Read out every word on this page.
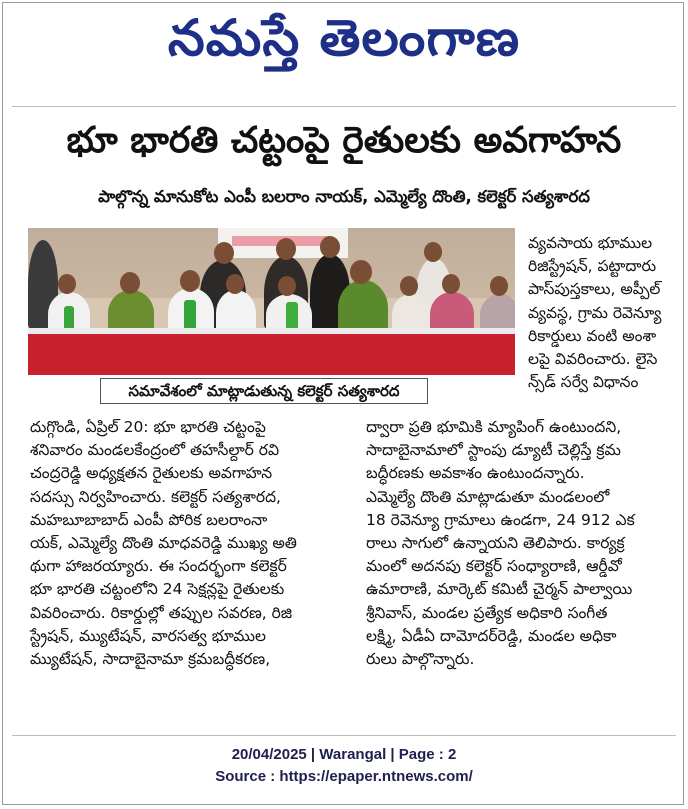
నమస్తే తెలంగాణ
భూ భారతి చట్టంపై రైతులకు అవగాహన
పాల్గొన్న మానుకోట ఎంపీ బలరాం నాయక్, ఎమ్మెల్యే దొంతి, కలెక్టర్ సత్యశారద
సమావేశంలో మాట్లాడుతున్న కలెక్టర్ సత్యశారద

వ్యవసాయ భూముల

రిజిస్ట్రేషన్, పట్టాదారు

పాస్‌పుస్తకాలు, అప్పీల్

వ్యవస్థ, గ్రామ రెవెన్యూ

రికార్డులు వంటి అంశా

లపై వివరించారు. లైసె

న్స్‌డ్ సర్వే విధానం

దుగ్గొండి, ఏప్రిల్ 20: భూ భారతి చట్టంపై

శనివారం మండలకేంద్రంలో తహసీల్దార్ రవి

చంద్రరెడ్డి అధ్యక్షతన రైతులకు అవగాహన

సదస్సు నిర్వహించారు. కలెక్టర్ సత్యశారద,

మహబూబాబాద్ ఎంపీ పోరిక బలరాంనా

యక్, ఎమ్మెల్యే దొంతి మాధవరెడ్డి ముఖ్య అతి

థుగా హాజరయ్యారు. ఈ సందర్భంగా కలెక్టర్

భూ భారతి చట్టంలోని 24 సెక్షన్లపై రైతులకు

వివరించారు. రికార్డుల్లో తప్పుల సవరణ, రిజి

స్ట్రేషన్, మ్యుటేషన్, వారసత్వ భూముల

మ్యుటేషన్, సాదాబైనామా క్రమబద్ధీకరణ,

ద్వారా ప్రతి భూమికి మ్యాపింగ్ ఉంటుందని,

సాదాబైనామాలో స్టాంపు డ్యూటీ చెల్లిస్తే క్రమ

బద్ధీరణకు అవకాశం ఉంటుందన్నారు.

ఎమ్మెల్యే దొంతి మాట్లాడుతూ మండలంలో

18 రెవెన్యూ గ్రామాలు ఉండగా, 24 912 ఎక

రాలు సాగులో ఉన్నాయని తెలిపారు. కార్యక్ర

మంలో అదనపు కలెక్టర్ సంధ్యారాణి, ఆర్డీవో

ఉమారాణి, మార్కెట్ కమిటీ చైర్మన్ పాల్వాయి

శ్రీనివాస్, మండల ప్రత్యేక అధికారి సంగీత

లక్ష్మి, ఏడీఏ దామోదర్‌రెడ్డి, మండల అధికా

రులు పాల్గొన్నారు.

20/04/2025 | Warangal | Page : 2
Source : https://epaper.ntnews.com/
